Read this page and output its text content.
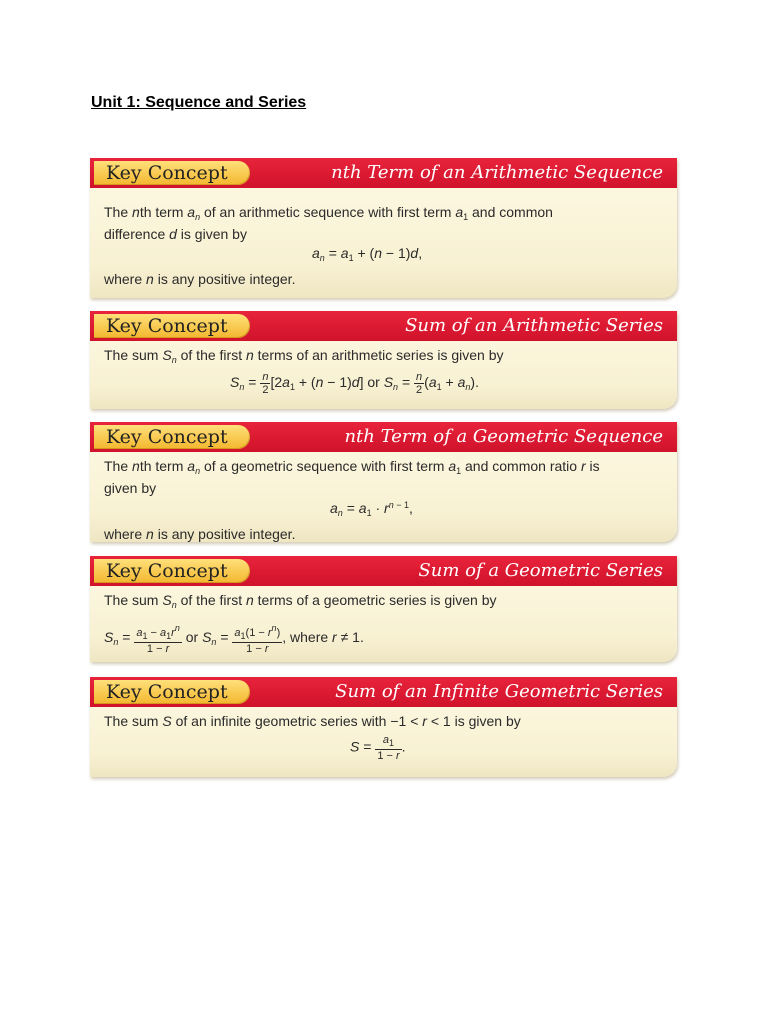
Unit 1: Sequence and Series
Key Concept	nth Term of an Arithmetic Sequence

The nth term $a_n$ of an arithmetic sequence with first term $a_1$ and common

difference d is given by

$a_n = a_1 + (n - 1)d$,

where n is any positive integer.

Key Concept	Sum of an Arithmetic Series

The sum $S_n$ of the first n terms of an arithmetic series is given by

$S_n = \frac{n}{2} [2a_1 + (n - 1)d]$ or $S_n = \frac{n}{2} (a_1 + a_n)$.
Key Concept	nth Term of a Geometric Sequence

The nth term $a_n$ of a geometric sequence with first term $a_1$ and common ratio r is

given by

$a_n = a_1 \cdot r^{n - 1}$,

where n is any positive integer.

Key Concept	Sum of a Geometric Series

The sum $S_n$ of the first n terms of a geometric series is given by

$S_n = \frac{a_1 - a_1r^n}{1 - r}$ or $S_n = \frac{a_1(1 - r^n)}{1 - r}$ , where r ≠ 1.
Key Concept	Sum of an Infinite Geometric Series

The sum S of an infinite geometric series with −1 < r < 1 is given by

$S = \frac{a_1}{1 - r}$ .
